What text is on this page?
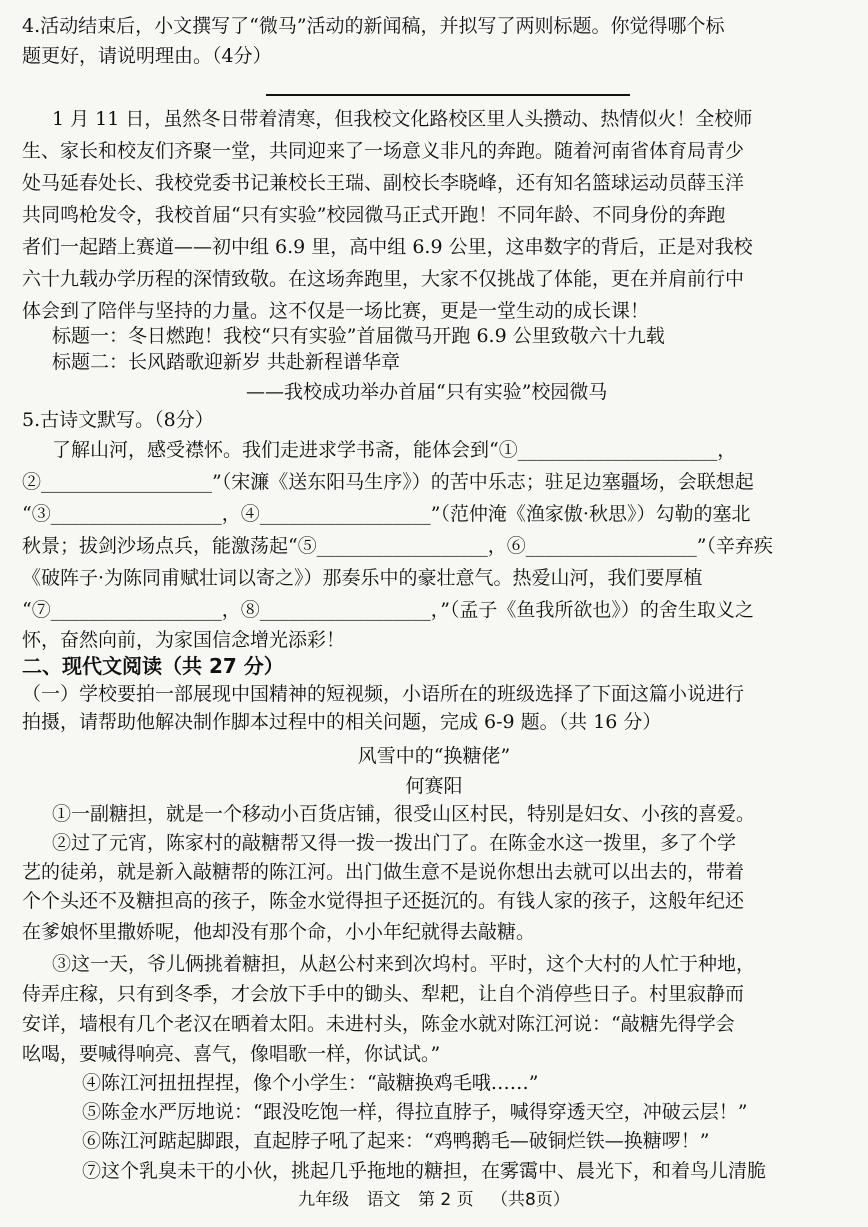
4.活动结束后，小文撰写了“微马”活动的新闻稿，并拟写了两则标题。你觉得哪个标
题更好，请说明理由。（4分）
1 月 11 日，虽然冬日带着清寒，但我校文化路校区里人头攒动、热情似火！全校师
生、家长和校友们齐聚一堂，共同迎来了一场意义非凡的奔跑。随着河南省体育局青少
处马延春处长、我校党委书记兼校长王瑞、副校长李晓峰，还有知名篮球运动员薛玉洋
共同鸣枪发令，我校首届“只有实验”校园微马正式开跑！不同年龄、不同身份的奔跑
者们一起踏上赛道——初中组 6.9 里，高中组 6.9 公里，这串数字的背后，正是对我校
六十九载办学历程的深情致敬。在这场奔跑里，大家不仅挑战了体能，更在并肩前行中
体会到了陪伴与坚持的力量。这不仅是一场比赛，更是一堂生动的成长课！
标题一：冬日燃跑！我校“只有实验”首届微马开跑 6.9 公里致敬六十九载
标题二：长风踏歌迎新岁 共赴新程谱华章
——我校成功举办首届“只有实验”校园微马
5.古诗文默写。（8分）
了解山河，感受襟怀。我们走进求学书斋，能体会到“①_____________________，
②__________________”（宋濂《送东阳马生序》）的苦中乐志；驻足边塞疆场，会联想起
“③__________________，④__________________”（范仲淹《渔家傲·秋思》）勾勒的塞北
秋景；拔剑沙场点兵，能激荡起“⑤__________________，⑥__________________”（辛弃疾
《破阵子·为陈同甫赋壮词以寄之》）那奏乐中的豪壮意气。热爱山河，我们要厚植
“⑦__________________，⑧__________________，”（孟子《鱼我所欲也》）的舍生取义之
怀，奋然向前，为家国信念增光添彩！
二、现代文阅读（共 27 分）
（一）学校要拍一部展现中国精神的短视频，小语所在的班级选择了下面这篇小说进行
拍摄，请帮助他解决制作脚本过程中的相关问题，完成 6-9 题。（共 16 分）
风雪中的“换糖佬”
何赛阳
①一副糖担，就是一个移动小百货店铺，很受山区村民，特别是妇女、小孩的喜爱。
②过了元宵，陈家村的敲糖帮又得一拨一拨出门了。在陈金水这一拨里，多了个学
艺的徒弟，就是新入敲糖帮的陈江河。出门做生意不是说你想出去就可以出去的，带着
个个头还不及糖担高的孩子，陈金水觉得担子还挺沉的。有钱人家的孩子，这般年纪还
在爹娘怀里撒娇呢，他却没有那个命，小小年纪就得去敲糖。
③这一天，爷儿俩挑着糖担，从赵公村来到次坞村。平时，这个大村的人忙于种地，
侍弄庄稼，只有到冬季，才会放下手中的锄头、犁耙，让自个消停些日子。村里寂静而
安详，墙根有几个老汉在晒着太阳。未进村头，陈金水就对陈江河说：“敲糖先得学会
吆喝，要喊得响亮、喜气，像唱歌一样，你试试。”
④陈江河扭扭捏捏，像个小学生：“敲糖换鸡毛哦……”
⑤陈金水严厉地说：“跟没吃饱一样，得拉直脖子，喊得穿透天空，冲破云层！”
⑥陈江河踮起脚跟，直起脖子吼了起来：“鸡鸭鹅毛—破铜烂铁—换糖啰！”
⑦这个乳臭未干的小伙，挑起几乎拖地的糖担，在雾霭中、晨光下，和着鸟儿清脆
九年级 语文 第 2 页 （共8页）
